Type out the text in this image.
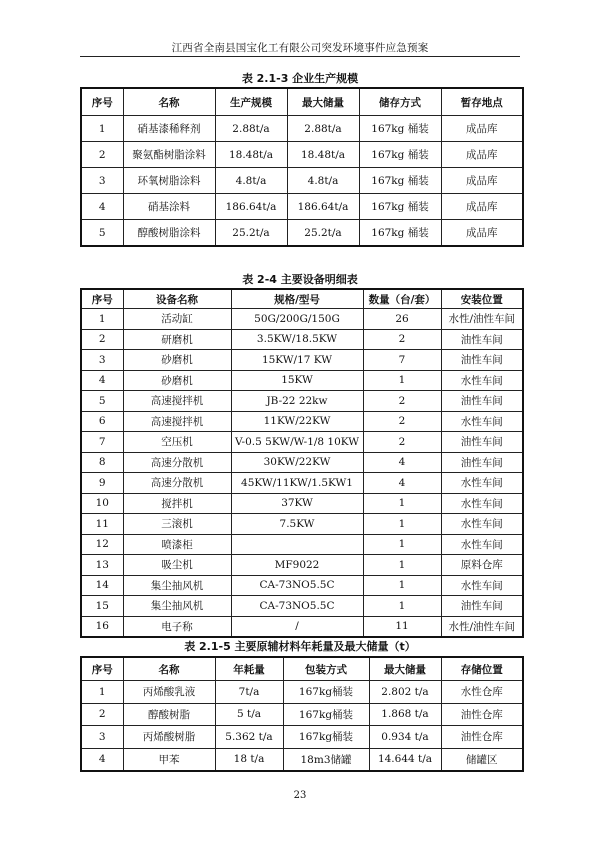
江西省全南县国宝化工有限公司突发环境事件应急预案
表 2.1-3 企业生产规模
序号	名称	生产规模	最大储量	储存方式	暂存地点
1	硝基漆稀释剂	2.88t/a	2.88t/a	167kg 桶装	成品库
2	聚氨酯树脂涂料	18.48t/a	18.48t/a	167kg 桶装	成品库
3	环氧树脂涂料	4.8t/a	4.8t/a	167kg 桶装	成品库
4	硝基涂料	186.64t/a	186.64t/a	167kg 桶装	成品库
5	醇酸树脂涂料	25.2t/a	25.2t/a	167kg 桶装	成品库
表 2-4 主要设备明细表
序号	设备名称	规格/型号	数量（台/套）	安装位置
1	活动缸	50G/200G/150G	26	水性/油性车间
2	研磨机	3.5KW/18.5KW	2	油性车间
3	砂磨机	15KW/17 KW	7	油性车间
4	砂磨机	15KW	1	水性车间
5	高速搅拌机	JB-22 22kw	2	油性车间
6	高速搅拌机	11KW/22KW	2	水性车间
7	空压机	V-0.5 5KW/W-1/8 10KW	2	油性车间
8	高速分散机	30KW/22KW	4	油性车间
9	高速分散机	45KW/11KW/1.5KW1	4	水性车间
10	搅拌机	37KW	1	水性车间
11	三滚机	7.5KW	1	水性车间
12	喷漆柜		1	水性车间
13	吸尘机	MF9022	1	原料仓库
14	集尘抽风机	CA-73NO5.5C	1	水性车间
15	集尘抽风机	CA-73NO5.5C	1	油性车间
16	电子称	/	11	水性/油性车间
表 2.1-5 主要原辅材料年耗量及最大储量（t）
序号	名称	年耗量	包装方式	最大储量	存储位置
1	丙烯酸乳液	7t/a	167kg桶装	2.802 t/a	水性仓库
2	醇酸树脂	5 t/a	167kg桶装	1.868 t/a	油性仓库
3	丙烯酸树脂	5.362 t/a	167kg桶装	0.934 t/a	油性仓库
4	甲苯	18 t/a	18m3储罐	14.644 t/a	储罐区
23
